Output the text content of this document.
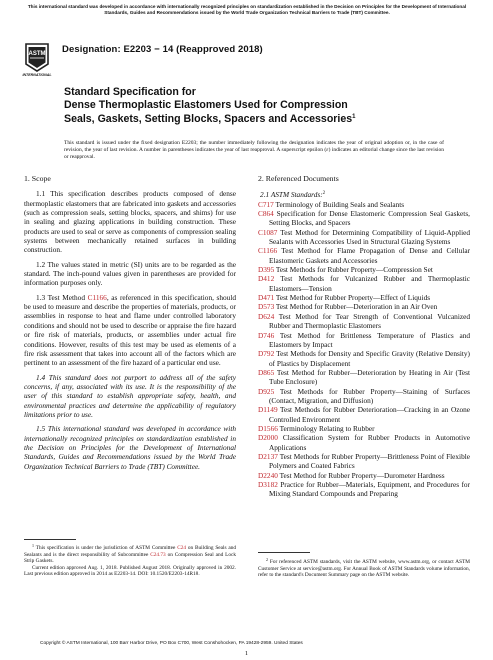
This international standard was developed in accordance with internationally recognized principles on standardization established in the Decision on Principles for the Development of International Standards, Guides and Recommendations issued by the World Trade Organization Technical Barriers to Trade (TBT) Committee.
ASTM
INTERNATIONAL
Designation: E2203 − 14 (Reapproved 2018)
Standard Specification for
Dense Thermoplastic Elastomers Used for Compression
Seals, Gaskets, Setting Blocks, Spacers and Accessories$^1$
This standard is issued under the fixed designation E2203; the number immediately following the designation indicates the year of original adoption or, in the case of revision, the year of last revision. A number in parentheses indicates the year of last reapproval. A superscript epsilon (ε) indicates an editorial change since the last revision or reapproval.
1. Scope
1.1 This specification describes products composed of dense thermoplastic elastomers that are fabricated into gaskets and accessories (such as compression seals, setting blocks, spacers, and shims) for use in sealing and glazing applications in building construction. These products are used to seal or serve as components of compression sealing systems between mechanically retained surfaces in building construction.
1.2 The values stated in metric (SI) units are to be regarded as the standard. The inch-pound values given in parentheses are provided for information purposes only.
1.3 Test Method C1166, as referenced in this specification, should be used to measure and describe the properties of materials, products, or assemblies in response to heat and flame under controlled laboratory conditions and should not be used to describe or appraise the fire hazard or fire risk of materials, products, or assemblies under actual fire conditions. However, results of this test may be used as elements of a fire risk assessment that takes into account all of the factors which are pertinent to an assessment of the fire hazard of a particular end use.
1.4 This standard does not purport to address all of the safety concerns, if any, associated with its use. It is the responsibility of the user of this standard to establish appropriate safety, health, and environmental practices and determine the applicability of regulatory limitations prior to use.
1.5 This international standard was developed in accordance with internationally recognized principles on standardization established in the Decision on Principles for the Development of International Standards, Guides and Recommendations issued by the World Trade Organization Technical Barriers to Trade (TBT) Committee.
2. Referenced Documents
2.1 ASTM Standards:$^2$
C717 Terminology of Building Seals and Sealants
C864 Specification for Dense Elastomeric Compression Seal Gaskets, Setting Blocks, and Spacers
C1087 Test Method for Determining Compatibility of Liquid-Applied Sealants with Accessories Used in Structural Glazing Systems
C1166 Test Method for Flame Propagation of Dense and Cellular Elastomeric Gaskets and Accessories
D395 Test Methods for Rubber Property—Compression Set
D412 Test Methods for Vulcanized Rubber and Thermoplastic Elastomers—Tension
D471 Test Method for Rubber Property—Effect of Liquids
D573 Test Method for Rubber—Deterioration in an Air Oven
D624 Test Method for Tear Strength of Conventional Vulcanized Rubber and Thermoplastic Elastomers
D746 Test Method for Brittleness Temperature of Plastics and Elastomers by Impact
D792 Test Methods for Density and Specific Gravity (Relative Density) of Plastics by Displacement
D865 Test Method for Rubber—Deterioration by Heating in Air (Test Tube Enclosure)
D925 Test Methods for Rubber Property—Staining of Surfaces (Contact, Migration, and Diffusion)
D1149 Test Methods for Rubber Deterioration—Cracking in an Ozone Controlled Environment
D1566 Terminology Relating to Rubber
D2000 Classification System for Rubber Products in Automotive Applications
D2137 Test Methods for Rubber Property—Brittleness Point of Flexible Polymers and Coated Fabrics
D2240 Test Method for Rubber Property—Durometer Hardness
D3182 Practice for Rubber—Materials, Equipment, and Procedures for Mixing Standard Compounds and Preparing
$^1$ This specification is under the jurisdiction of ASTM Committee C24 on Building Seals and Sealants and is the direct responsibility of Subcommittee C24.73 on Compression Seal and Lock Strip Gaskets.
Current edition approved Aug. 1, 2018. Published August 2018. Originally approved in 2002. Last previous edition approved in 2014 as E2203-14. DOI: 10.1520/E2203-14R18.
$^2$ For referenced ASTM standards, visit the ASTM website, www.astm.org, or contact ASTM Customer Service at service@astm.org. For Annual Book of ASTM Standards volume information, refer to the standard's Document Summary page on the ASTM website.
Copyright © ASTM International, 100 Barr Harbor Drive, PO Box C700, West Conshohocken, PA 19428-2959. United States
1
